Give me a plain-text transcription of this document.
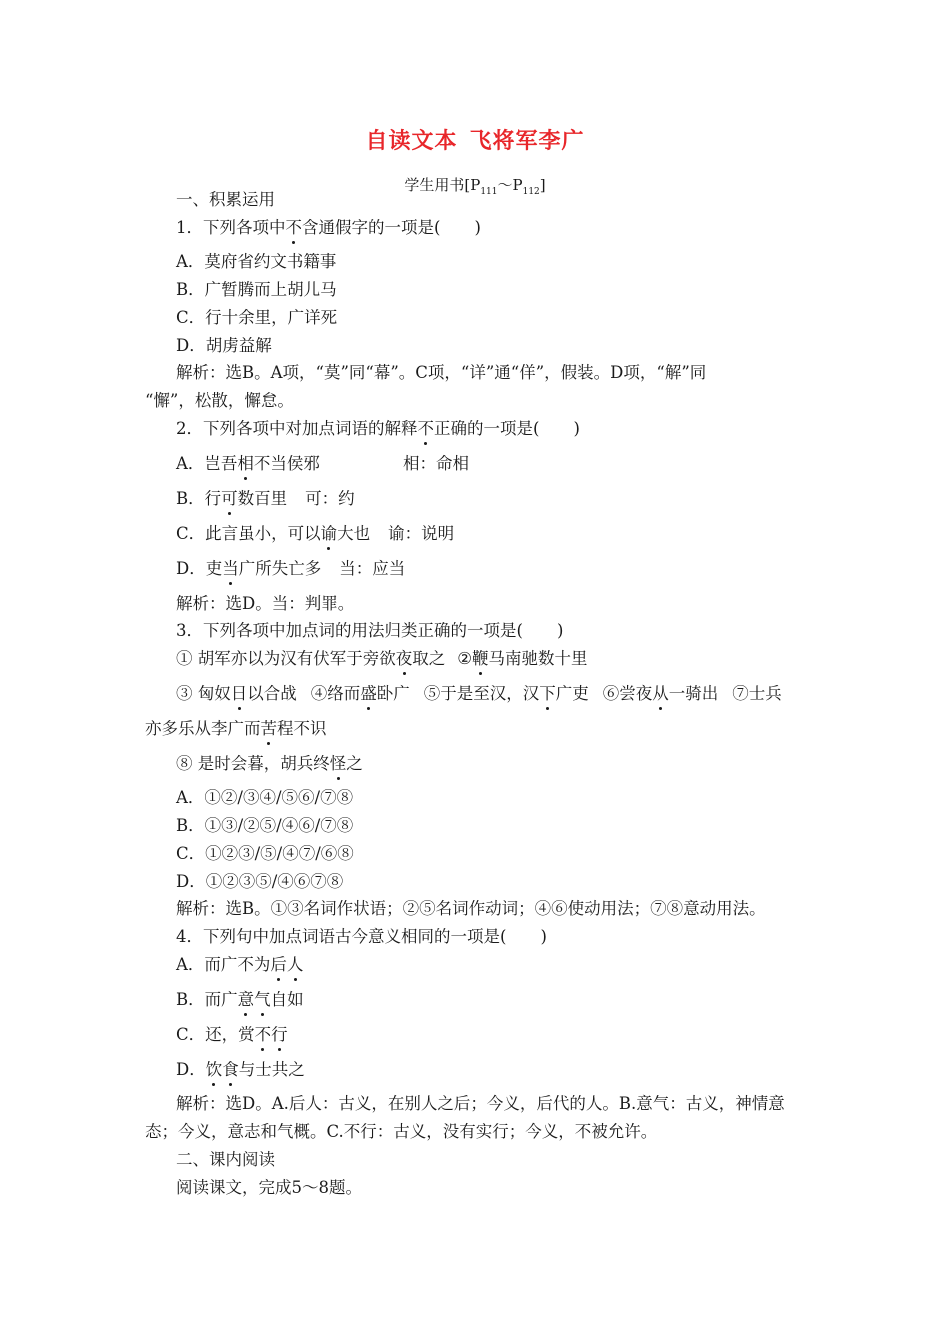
自读文本 飞将军李广
学生用书$[P_{111}\sim P_{112}]$
一、积累运用
1．下列各项中不含通假字的一项是( )
A．莫府省约文书籍事
B．广暂腾而上胡儿马
C．行十余里，广详死
D．胡虏益解
解析：选B。A项，“莫”同“幕”。C项，“详”通“佯”，假装。D项，“解”同
“懈”，松散，懈怠。
2．下列各项中对加点词语的解释不正确的一项是( )
A．岂吾相不当侯邪	相：命相
B．行可数百里 可：约
C．此言虽小，可以谕大也 谕：说明
D．吏当广所失亡多 当：应当
解析：选D。当：判罪。
3．下列各项中加点词的用法归类正确的一项是( )
① 胡军亦以为汉有伏军于旁欲夜取之 ②鞭马南驰数十里
③ 匈奴日以合战 ④络而盛卧广 ⑤于是至汉，汉下广吏 ⑥尝夜从一骑出 ⑦士兵
亦多乐从李广而苦程不识
⑧ 是时会暮，胡兵终怪之
A．①②/③④/⑤⑥/⑦⑧
B．①③/②⑤/④⑥/⑦⑧
C．①②③/⑤/④⑦/⑥⑧
D．①②③⑤/④⑥⑦⑧
解析：选B。①③名词作状语；②⑤名词作动词；④⑥使动用法；⑦⑧意动用法。
4．下列句中加点词语古今意义相同的一项是( )
A．而广不为后人
B．而广意气自如
C．还，赏不行
D．饮食与士共之
解析：选D。A.后人：古义，在别人之后；今义，后代的人。B.意气：古义，神情意
态；今义，意志和气概。C.不行：古义，没有实行；今义，不被允许。
二、课内阅读
阅读课文，完成5～8题。
